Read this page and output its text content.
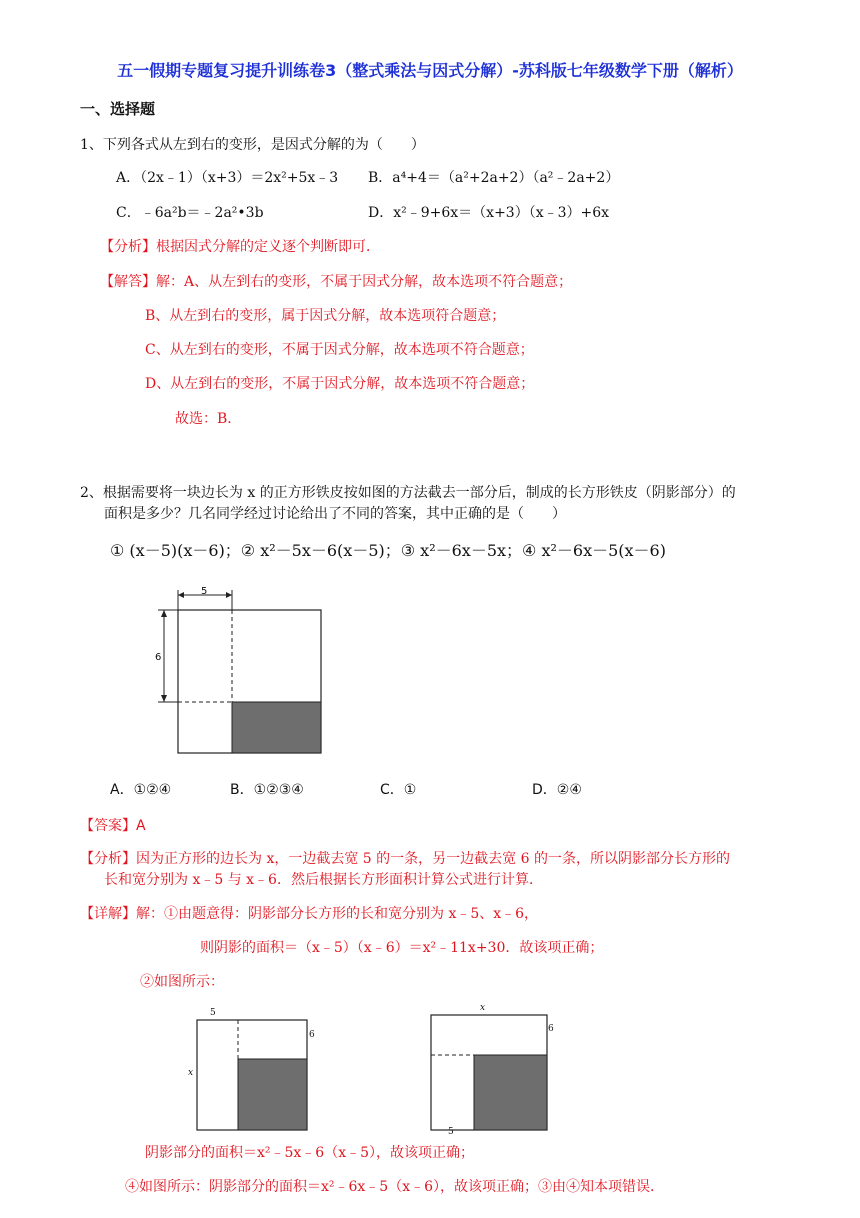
五一假期专题复习提升训练卷3（整式乘法与因式分解）-苏科版七年级数学下册（解析）
一、选择题
1、下列各式从左到右的变形，是因式分解的为（　　）
A．（2x﹣1）（x+3）＝2x²+5x﹣3 B．a⁴+4＝（a²+2a+2）（a²﹣2a+2）
C．﹣6a²b＝﹣2a²•3b	D．x²﹣9+6x＝（x+3）（x﹣3）+6x
【分析】根据因式分解的定义逐个判断即可．
【解答】解：A、从左到右的变形，不属于因式分解，故本选项不符合题意；
B、从左到右的变形，属于因式分解，故本选项符合题意；
C、从左到右的变形，不属于因式分解，故本选项不符合题意；
D、从左到右的变形，不属于因式分解，故本选项不符合题意；
故选：B．
2、根据需要将一块边长为 x 的正方形铁皮按如图的方法截去一部分后，制成的长方形铁皮（阴影部分）的
面积是多少？几名同学经过讨论给出了不同的答案，其中正确的是（　　）
① (x－5)(x－6)；② x²－5x－6(x－5)；③ x²－6x－5x；④ x²－6x－5(x－6)
5
6
A．①②④	B．①②③④	C．①	D．②④
【答案】A
【分析】因为正方形的边长为 x，一边截去宽 5 的一条，另一边截去宽 6 的一条，所以阴影部分长方形的
长和宽分别为 x﹣5 与 x﹣6．然后根据长方形面积计算公式进行计算．
【详解】解：①由题意得：阴影部分长方形的长和宽分别为 x﹣5、x﹣6，
则阴影的面积＝（x﹣5）（x﹣6）＝x²﹣11x+30．故该项正确；
②如图所示：
5
6
x
x
6
5
阴影部分的面积＝x²﹣5x﹣6（x﹣5），故该项正确；
④如图所示：阴影部分的面积＝x²﹣6x﹣5（x﹣6），故该项正确；③由④知本项错误．
